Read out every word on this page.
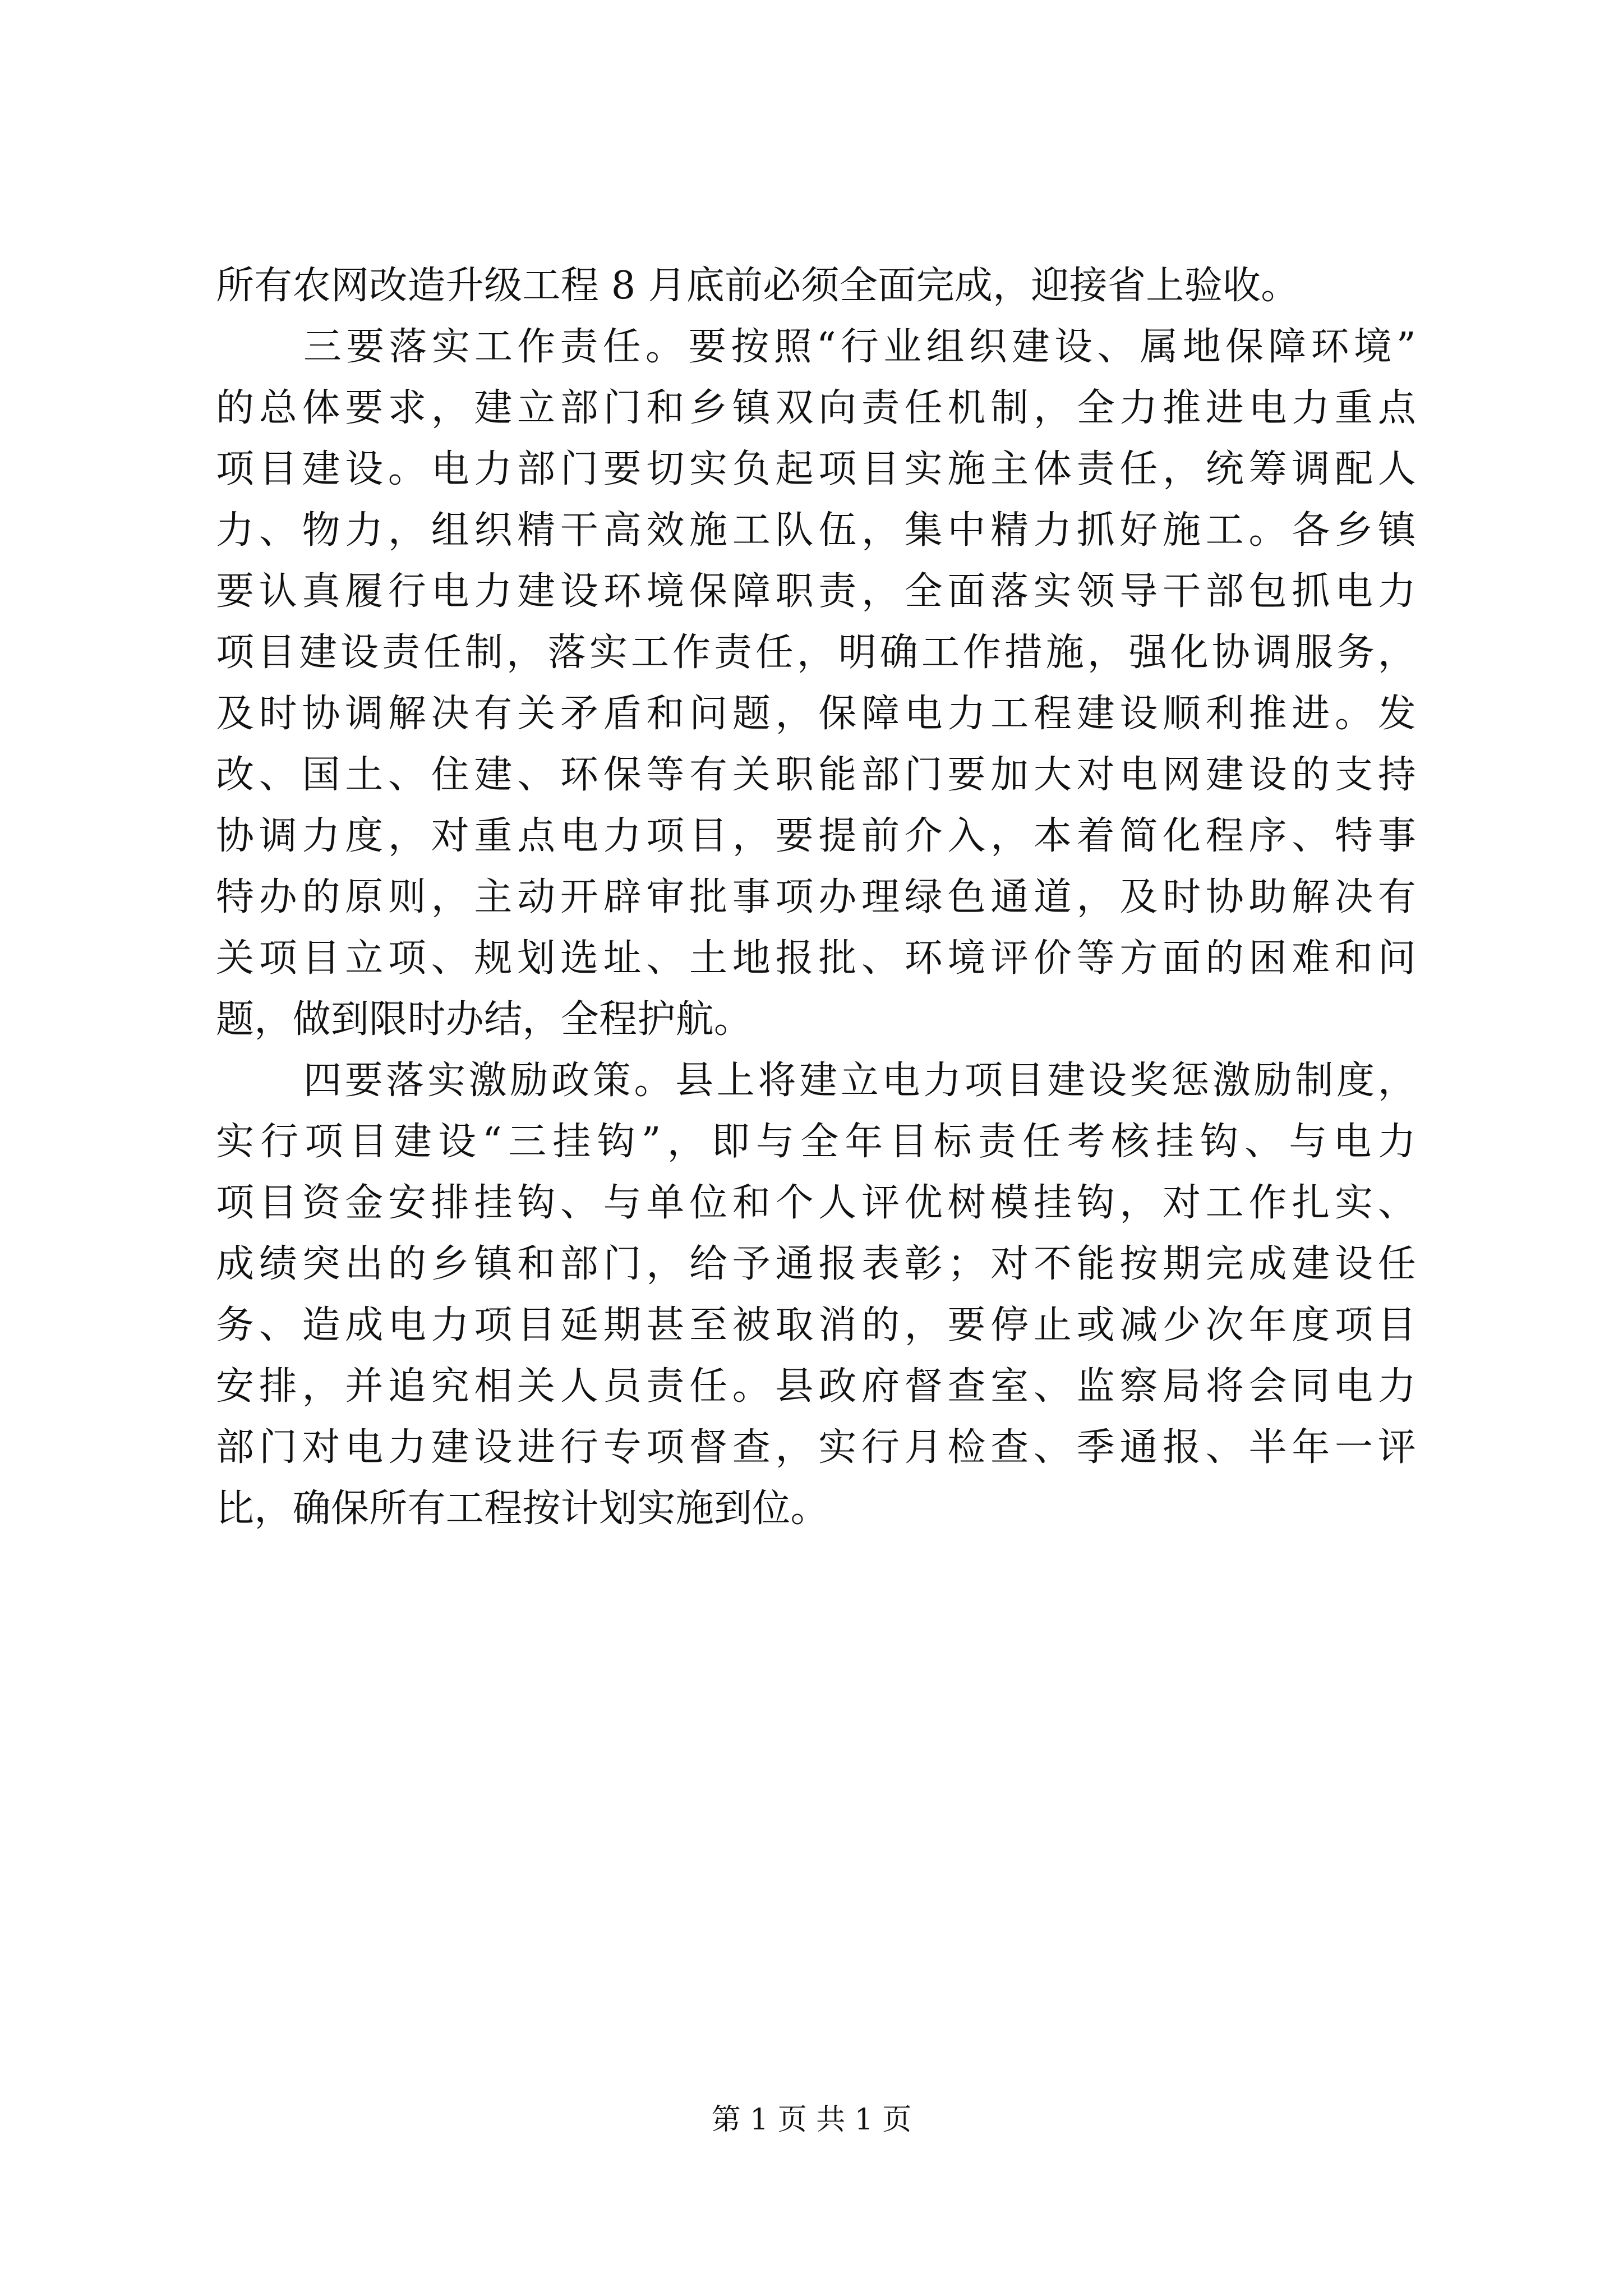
所有农网改造升级工程 8 月底前必须全面完成，迎接省上验收。
三要落实工作责任。要按照“行业组织建设、属地保障环境”
的总体要求，建立部门和乡镇双向责任机制，全力推进电力重点
项目建设。电力部门要切实负起项目实施主体责任，统筹调配人
力、物力，组织精干高效施工队伍，集中精力抓好施工。各乡镇
要认真履行电力建设环境保障职责，全面落实领导干部包抓电力
项目建设责任制，落实工作责任，明确工作措施，强化协调服务，
及时协调解决有关矛盾和问题，保障电力工程建设顺利推进。发
改、国土、住建、环保等有关职能部门要加大对电网建设的支持
协调力度，对重点电力项目，要提前介入，本着简化程序、特事
特办的原则，主动开辟审批事项办理绿色通道，及时协助解决有
关项目立项、规划选址、土地报批、环境评价等方面的困难和问
题，做到限时办结，全程护航。
四要落实激励政策。县上将建立电力项目建设奖惩激励制度，
实行项目建设“三挂钩”，即与全年目标责任考核挂钩、与电力
项目资金安排挂钩、与单位和个人评优树模挂钩，对工作扎实、
成绩突出的乡镇和部门，给予通报表彰；对不能按期完成建设任
务、造成电力项目延期甚至被取消的，要停止或减少次年度项目
安排，并追究相关人员责任。县政府督查室、监察局将会同电力
部门对电力建设进行专项督查，实行月检查、季通报、半年一评
比，确保所有工程按计划实施到位。
第 1 页 共 1 页
